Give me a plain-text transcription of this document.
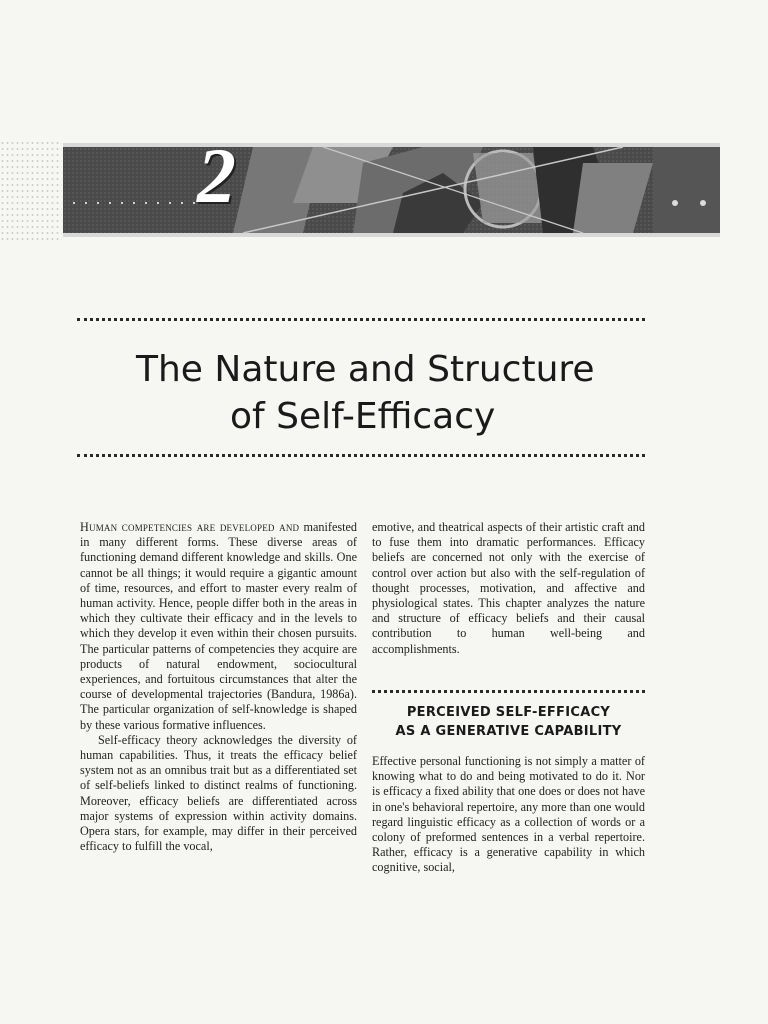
2
The Nature and Structure
of Self-Efficacy

Human competencies are developed and manifested in many different forms. These diverse areas of functioning demand different knowledge and skills. One cannot be all things; it would require a gigantic amount of time, resources, and effort to master every realm of human activity. Hence, people differ both in the areas in which they cultivate their efficacy and in the levels to which they develop it even within their chosen pursuits. The particular patterns of competencies they acquire are products of natural endowment, sociocultural experiences, and fortuitous circumstances that alter the course of developmental trajectories (Bandura, 1986a). The particular organization of self-knowledge is shaped by these various formative influences.

Self-efficacy theory acknowledges the diversity of human capabilities. Thus, it treats the efficacy belief system not as an omnibus trait but as a differentiated set of self-beliefs linked to distinct realms of functioning. Moreover, efficacy beliefs are differentiated across major systems of expression within activity domains. Opera stars, for example, may differ in their perceived efficacy to fulfill the vocal,

emotive, and theatrical aspects of their artistic craft and to fuse them into dramatic performances. Efficacy beliefs are concerned not only with the exercise of control over action but also with the self-regulation of thought processes, motivation, and affective and physiological states. This chapter analyzes the nature and structure of efficacy beliefs and their causal contribution to human well-being and accomplishments.

PERCEIVED SELF-EFFICACY
AS A GENERATIVE CAPABILITY

Effective personal functioning is not simply a matter of knowing what to do and being motivated to do it. Nor is efficacy a fixed ability that one does or does not have in one's behavioral repertoire, any more than one would regard linguistic efficacy as a collection of words or a colony of preformed sentences in a verbal repertoire. Rather, efficacy is a generative capability in which cognitive, social,
